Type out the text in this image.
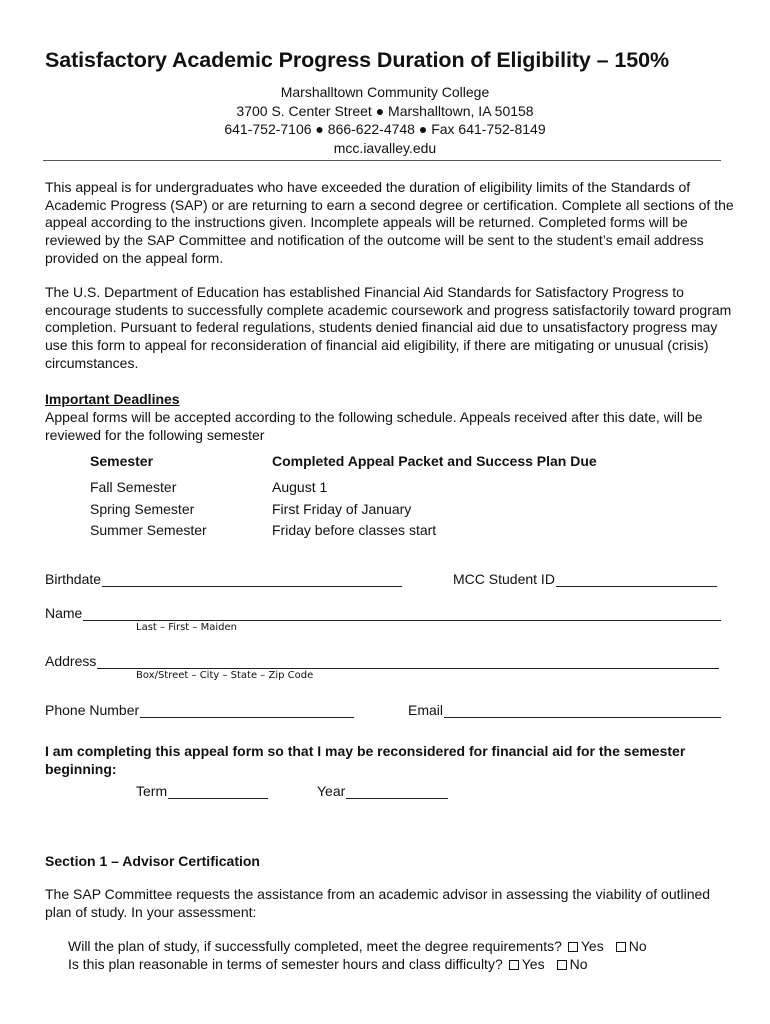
Satisfactory Academic Progress Duration of Eligibility – 150%
Marshalltown Community College
3700 S. Center Street ● Marshalltown, IA 50158
641-752-7106 ● 866-622-4748 ● Fax 641-752-8149
mcc.iavalley.edu

This appeal is for undergraduates who have exceeded the duration of eligibility limits of the Standards of Academic Progress (SAP) or are returning to earn a second degree or certification. Complete all sections of the appeal according to the instructions given. Incomplete appeals will be returned. Completed forms will be reviewed by the SAP Committee and notification of the outcome will be sent to the student’s email address provided on the appeal form.

The U.S. Department of Education has established Financial Aid Standards for Satisfactory Progress to encourage students to successfully complete academic coursework and progress satisfactorily toward program completion. Pursuant to federal regulations, students denied financial aid due to unsatisfactory progress may use this form to appeal for reconsideration of financial aid eligibility, if there are mitigating or unusual (crisis) circumstances.

Important Deadlines

Appeal forms will be accepted according to the following schedule. Appeals received after this date, will be reviewed for the following semester

Semester	Completed Appeal Packet and Success Plan Due
Fall Semester	August 1
Spring Semester	First Friday of January
Summer Semester	Friday before classes start
Birthdate	MCC Student ID
Name
Last – First – Maiden
Address
Box/Street – City – State – Zip Code
Phone Number	Email

I am completing this appeal form so that I may be reconsidered for financial aid for the semester beginning:

Term	Year
Section 1 – Advisor Certification

The SAP Committee requests the assistance from an academic advisor in assessing the viability of outlined plan of study. In your assessment:

Will the plan of study, if successfully completed, meet the degree requirements? Yes No
Is this plan reasonable in terms of semester hours and class difficulty? Yes No
